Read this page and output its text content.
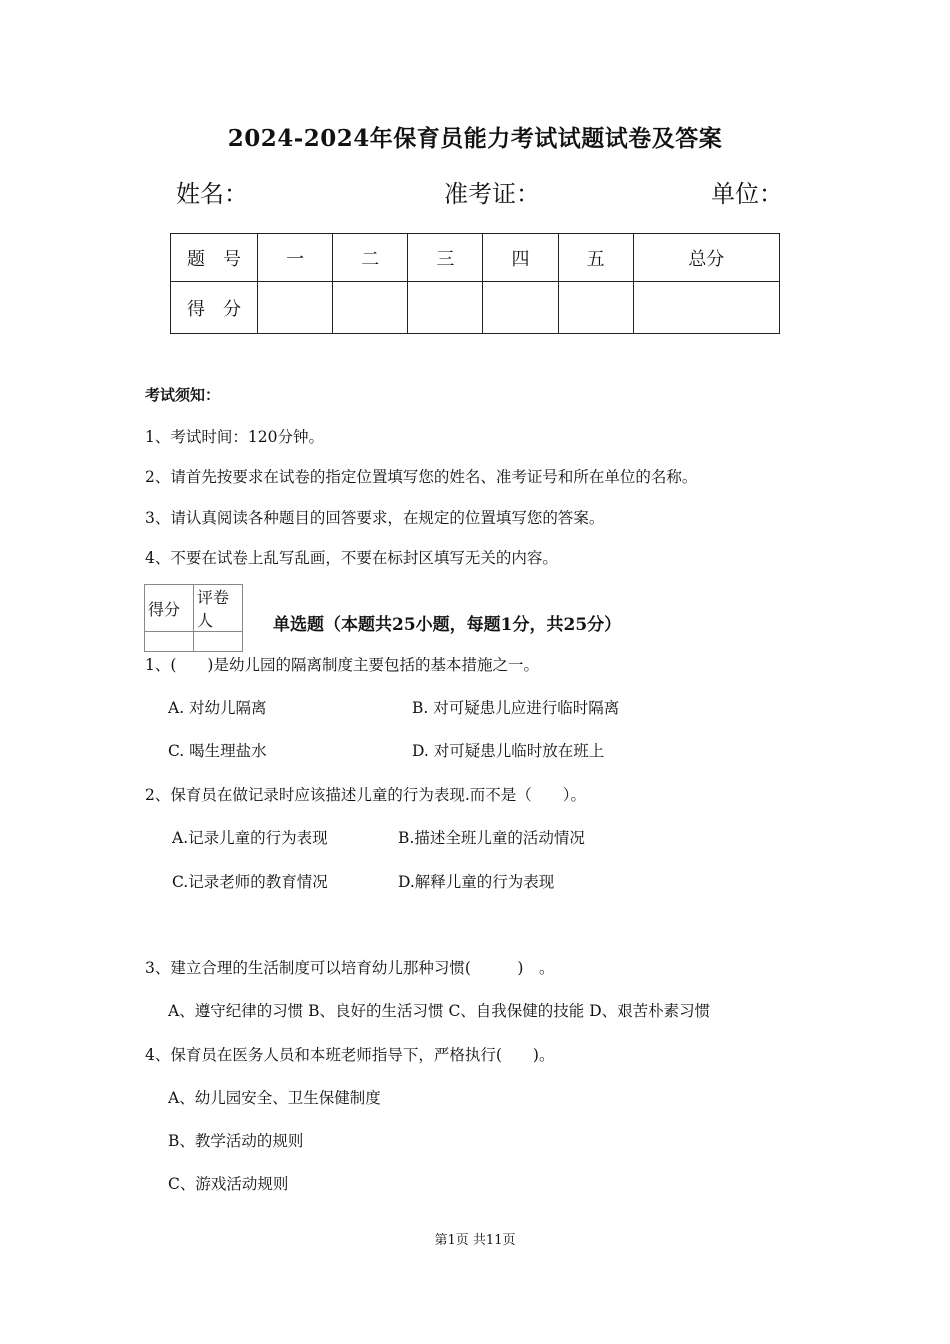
2024-2024年保育员能力考试试题试卷及答案
姓名：	准考证：	单位：
题　号	一	二	三	四	五	总分
得　分						
考试须知：
1、考试时间：120分钟。
2、请首先按要求在试卷的指定位置填写您的姓名、准考证号和所在单位的名称。
3、请认真阅读各种题目的回答要求，在规定的位置填写您的答案。
4、不要在试卷上乱写乱画，不要在标封区填写无关的内容。
得分	评卷人
		单选题（本题共25小题，每题1分，共25分）
1、(　　)是幼儿园的隔离制度主要包括的基本措施之一。
A. 对幼儿隔离	B. 对可疑患儿应进行临时隔离
C. 喝生理盐水	D. 对可疑患儿临时放在班上
2、保育员在做记录时应该描述儿童的行为表现.而不是（　　）。
A.记录儿童的行为表现	B.描述全班儿童的活动情况
C.记录老师的教育情况	D.解释儿童的行为表现
3、建立合理的生活制度可以培育幼儿那种习惯(　　　)　。
A、遵守纪律的习惯 B、良好的生活习惯 C、自我保健的技能 D、艰苦朴素习惯
4、保育员在医务人员和本班老师指导下，严格执行(　　)。
A、幼儿园安全、卫生保健制度
B、教学活动的规则
C、游戏活动规则
第1页 共11页
